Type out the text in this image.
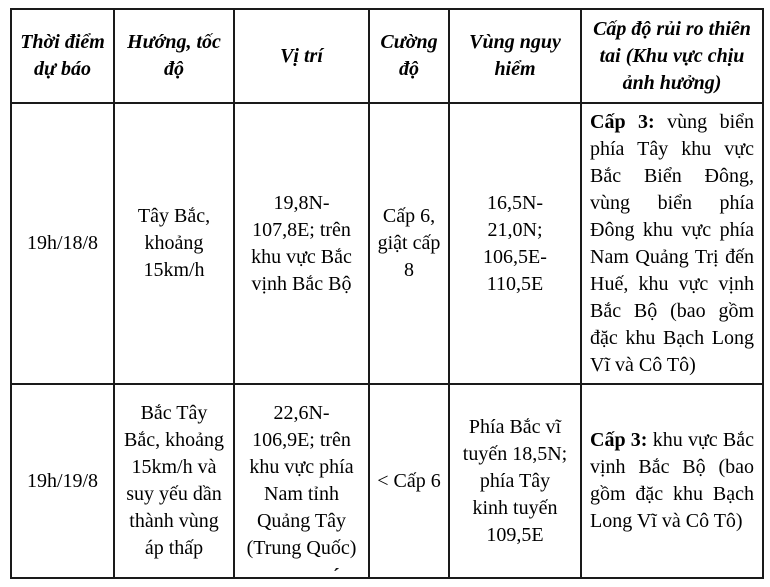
Thời điểm dự báo	Hướng, tốc độ	Vị trí	Cường độ	Vùng nguy hiểm	Cấp độ rủi ro thiên tai (Khu vực chịu ảnh hưởng)
19h/18/8	Tây Bắc, khoảng 15km/h	19,8N-107,8E; trên khu vực Bắc vịnh Bắc Bộ	Cấp 6, giật cấp 8	16,5N-21,0N; 106,5E-110,5E	Cấp 3: vùng biển phía Tây khu vực Bắc Biển Đông, vùng biển phía Đông khu vực phía Nam Quảng Trị đến Huế, khu vực vịnh Bắc Bộ (bao gồm đặc khu Bạch Long Vĩ và Cô Tô)
19h/19/8	Bắc Tây Bắc, khoảng 15km/h và suy yếu dần thành vùng áp thấp	22,6N-106,9E; trên khu vực phía Nam tỉnh Quảng Tây (Trung Quốc)	< Cấp 6	Phía Bắc vĩ tuyến 18,5N; phía Tây kinh tuyến 109,5E	Cấp 3: khu vực Bắc vịnh Bắc Bộ (bao gồm đặc khu Bạch Long Vĩ và Cô Tô)
ˊ
